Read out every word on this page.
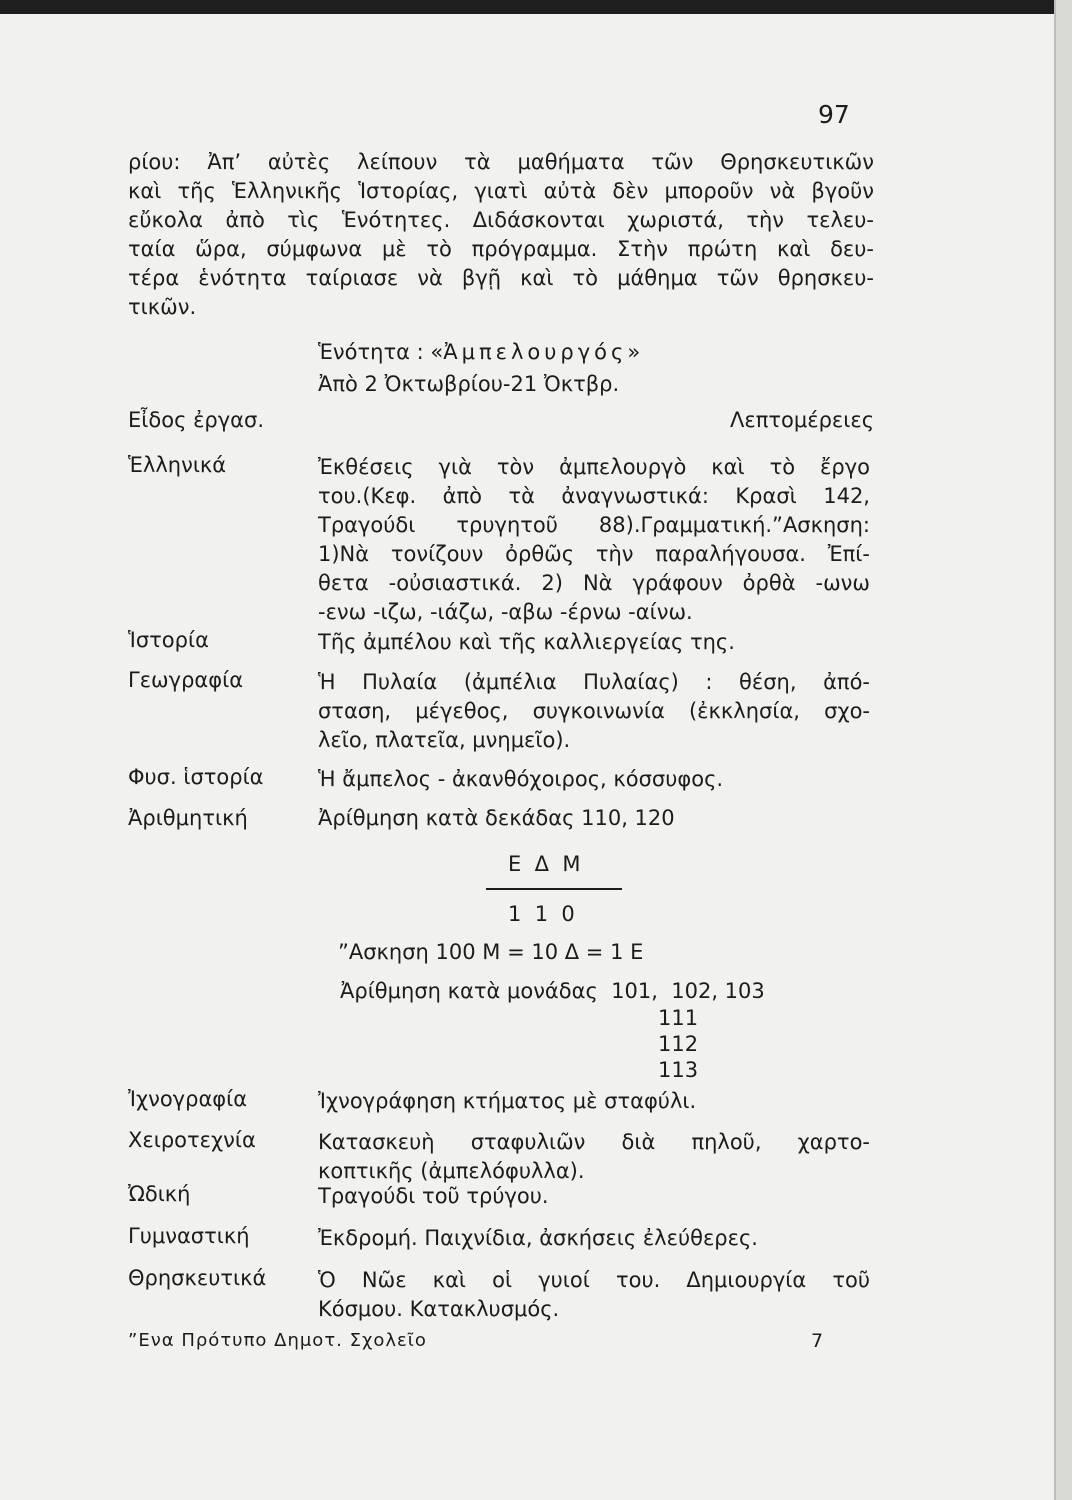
97
ρίου: Ἀπ’ αὐτὲς λείπουν τὰ μαθήματα τῶν Θρησκευτικῶν
καὶ τῆς Ἑλληνικῆς Ἱστορίας, γιατὶ αὐτὰ δὲν μποροῦν νὰ βγοῦν
εὔκολα ἀπὸ τὶς Ἑνότητες. Διδάσκονται χωριστά, τὴν τελευ-
ταία ὥρα, σύμφωνα μὲ τὸ πρόγραμμα. Στὴν πρώτη καὶ δευ-
τέρα ἑνότητα ταίριασε νὰ βγῇ καὶ τὸ μάθημα τῶν θρησκευ-
τικῶν.
Ἑνότητα : «Ἀμπελουργός»
Ἀπὸ 2 Ὀκτωβρίου-21 Ὀκτβρ.
Εἶδος ἐργασ.	Λεπτομέρειες
Ἑλληνικά	Ἐκθέσεις γιὰ τὸν ἀμπελουργὸ καὶ τὸ ἔργο
του.(Κεφ. ἀπὸ τὰ ἀναγνωστικά: Κρασὶ 142,
Τραγούδι τρυγητοῦ 88).Γραμματική.”Ασκηση:
1)Νὰ τονίζουν ὀρθῶς τὴν παραλήγουσα. Ἐπί-
θετα -οὐσιαστικά. 2) Νὰ γράφουν ὀρθὰ -ωνω
-ενω -ιζω, -ιάζω, -αβω -έρνω -αίνω.
Ἱστορία	Τῆς ἀμπέλου καὶ τῆς καλλιεργείας της.
Γεωγραφία	Ἡ Πυλαία (ἀμπέλια Πυλαίας) : θέση, ἀπό-
σταση, μέγεθος, συγκοινωνία (ἐκκλησία, σχο-
λεῖο, πλατεῖα, μνημεῖο).
Φυσ. ἱστορία	Ἡ ἄμπελος - ἀκανθόχοιρος, κόσσυφος.
Ἀριθμητική	Ἀρίθμηση κατὰ δεκάδας 110, 120
Ε  Δ  Μ
1  1  0
”Ασκηση 100 Μ = 10 Δ = 1 Ε
Ἀρίθμηση κατὰ μονάδας  101,  102, 103
111
112
113
Ἰχνογραφία	Ἰχνογράφηση κτήματος μὲ σταφύλι.
Χειροτεχνία	Κατασκευὴ σταφυλιῶν διὰ πηλοῦ, χαρτο-
κοπτικῆς (ἀμπελόφυλλα).
Ὠδική	Τραγούδι τοῦ τρύγου.
Γυμναστική	Ἐκδρομή. Παιχνίδια, ἀσκήσεις ἐλεύθερες.
Θρησκευτικά Ὁ Νῶε καὶ οἱ γυιοί του. Δημιουργία τοῦ
Κόσμου. Κατακλυσμός.
”Ενα Πρότυπο Δημοτ. Σχολεῖο	7
